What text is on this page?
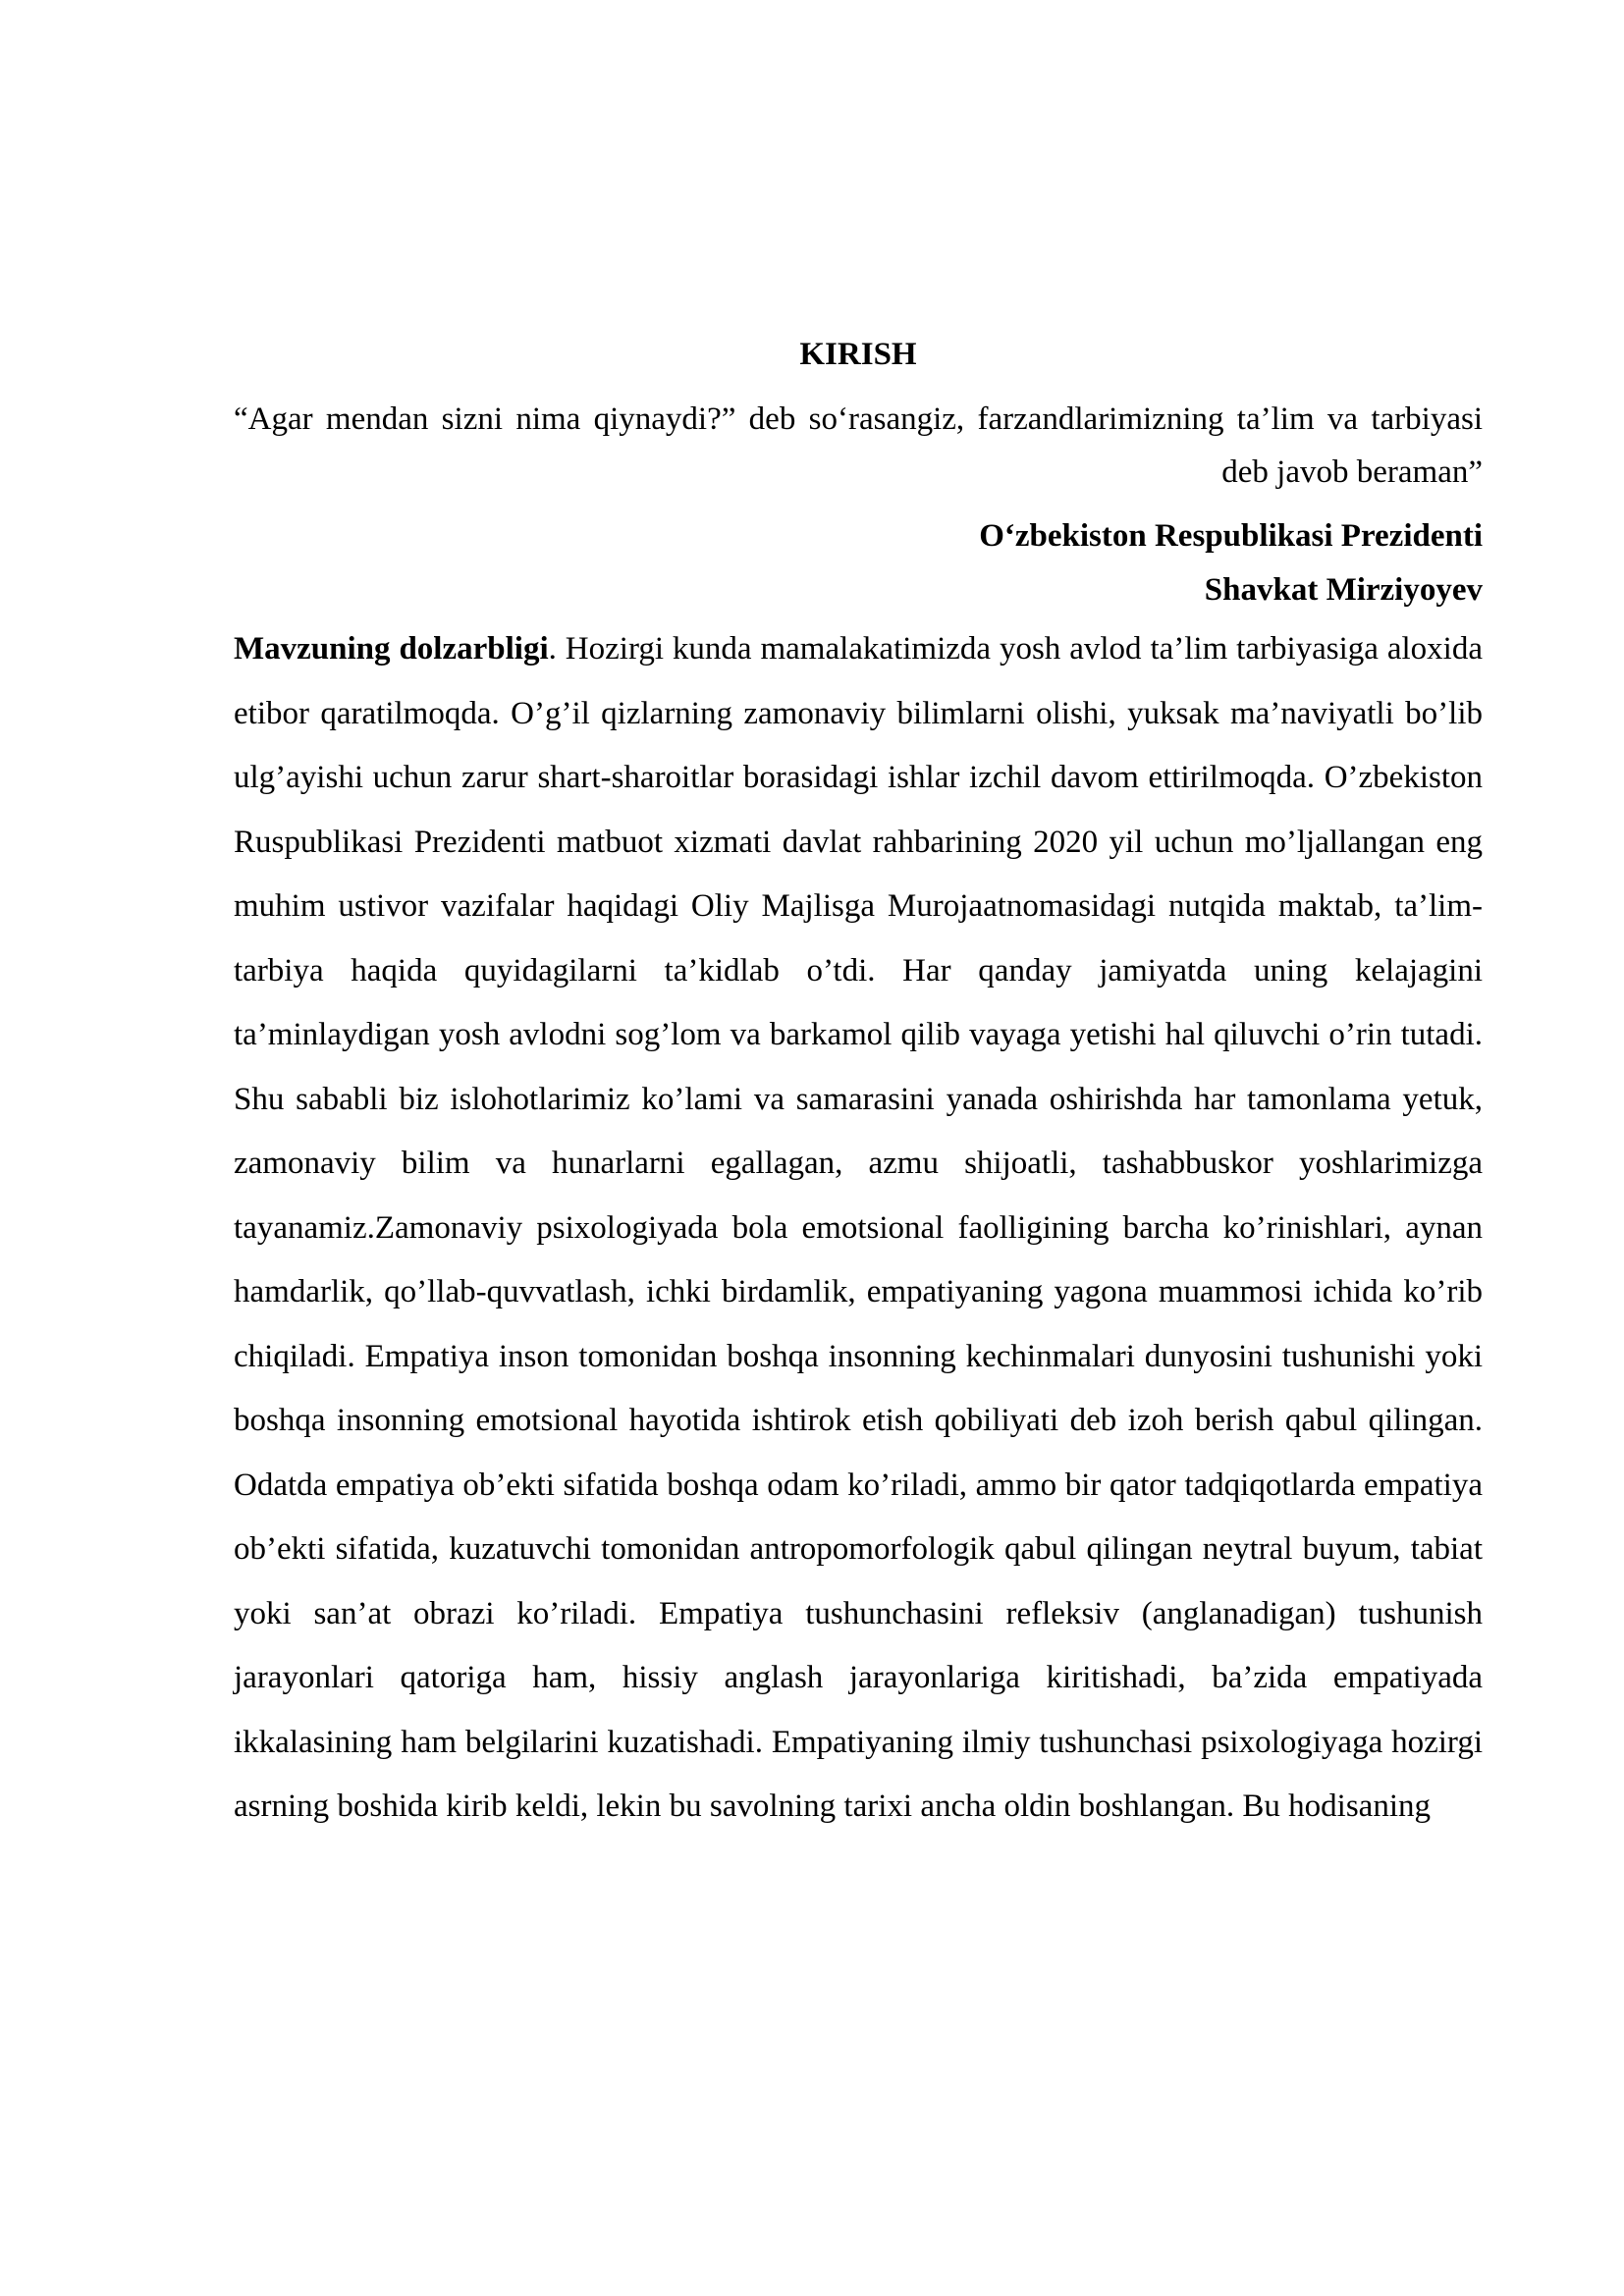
KIRISH

“Agar mendan sizni nima qiynaydi?” deb so‘rasangiz, farzandlarimizning ta’lim va tarbiyasi deb javob beraman”

O‘zbekiston Respublikasi Prezidenti
Shavkat Mirziyoyev

Mavzuning dolzarbligi. Hozirgi kunda mamalakatimizda yosh avlod ta’lim tarbiyasiga aloxida etibor qaratilmoqda. O’g’il qizlarning zamonaviy bilimlarni olishi, yuksak ma’naviyatli bo’lib ulg’ayishi uchun zarur shart-sharoitlar borasidagi ishlar izchil davom ettirilmoqda. O’zbekiston Ruspublikasi Prezidenti matbuot xizmati davlat rahbarining 2020 yil uchun mo’ljallangan eng muhim ustivor vazifalar haqidagi Oliy Majlisga Murojaatnomasidagi nutqida maktab, ta’lim-tarbiya haqida quyidagilarni ta’kidlab o’tdi. Har qanday jamiyatda uning kelajagini ta’minlaydigan yosh avlodni sog’lom va barkamol qilib vayaga yetishi hal qiluvchi o’rin tutadi. Shu sababli biz islohotlarimiz ko’lami va samarasini yanada oshirishda har tamonlama yetuk, zamonaviy bilim va hunarlarni egallagan, azmu shijoatli, tashabbuskor yoshlarimizga tayanamiz.Zamonaviy psixologiyada bola emotsional faolligining barcha ko’rinishlari, aynan hamdarlik, qo’llab-quvvatlash, ichki birdamlik, empatiyaning yagona muammosi ichida ko’rib chiqiladi. Empatiya inson tomonidan boshqa insonning kechinmalari dunyosini tushunishi yoki boshqa insonning emotsional hayotida ishtirok etish qobiliyati deb izoh berish qabul qilingan. Odatda empatiya ob’ekti sifatida boshqa odam ko’riladi, ammo bir qator tadqiqotlarda empatiya ob’ekti sifatida, kuzatuvchi tomonidan antropomorfologik qabul qilingan neytral buyum, tabiat yoki san’at obrazi ko’riladi. Empatiya tushunchasini refleksiv (anglanadigan) tushunish jarayonlari qatoriga ham, hissiy anglash jarayonlariga kiritishadi, ba’zida empatiyada ikkalasining ham belgilarini kuzatishadi. Empatiyaning ilmiy tushunchasi psixologiyaga hozirgi asrning boshida kirib keldi, lekin bu savolning tarixi ancha oldin boshlangan. Bu hodisaning
